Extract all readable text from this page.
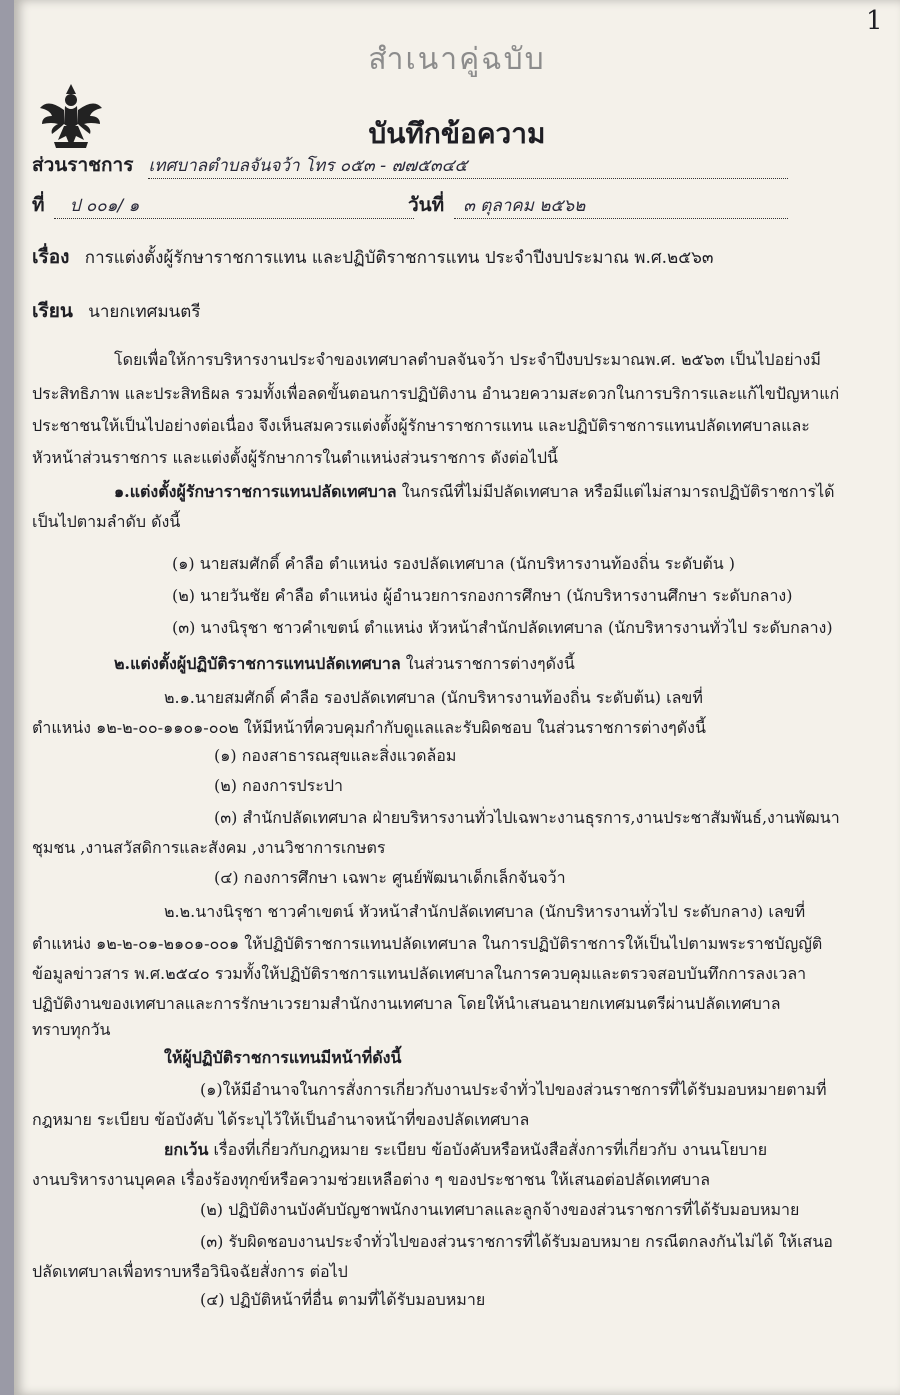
1
สำเนาคู่ฉบับ
บันทึกข้อความ
ส่วนราชการ เทศบาลตำบลจันจว้า โทร ๐๕๓ - ๗๗๕๓๔๕
ที่ ป ๐๐๑/ ๑	วันที่ ๓ ตุลาคม ๒๕๖๒
เรื่อง การแต่งตั้งผู้รักษาราชการแทน และปฏิบัติราชการแทน ประจำปีงบประมาณ พ.ศ.๒๕๖๓
เรียน นายกเทศมนตรี
โดยเพื่อให้การบริหารงานประจำของเทศบาลตำบลจันจว้า ประจำปีงบประมาณพ.ศ. ๒๕๖๓ เป็นไปอย่างมี
ประสิทธิภาพ และประสิทธิผล รวมทั้งเพื่อลดขั้นตอนการปฏิบัติงาน อำนวยความสะดวกในการบริการและแก้ไขปัญหาแก่
ประชาชนให้เป็นไปอย่างต่อเนื่อง จึงเห็นสมควรแต่งตั้งผู้รักษาราชการแทน และปฏิบัติราชการแทนปลัดเทศบาลและ
หัวหน้าส่วนราชการ และแต่งตั้งผู้รักษาการในตำแหน่งส่วนราชการ ดังต่อไปนี้
๑.แต่งตั้งผู้รักษาราชการแทนปลัดเทศบาล ในกรณีที่ไม่มีปลัดเทศบาล หรือมีแต่ไม่สามารถปฏิบัติราชการได้
เป็นไปตามลำดับ ดังนี้
(๑) นายสมศักดิ์ คำลือ ตำแหน่ง รองปลัดเทศบาล (นักบริหารงานท้องถิ่น ระดับต้น )
(๒) นายวันชัย คำลือ ตำแหน่ง ผู้อำนวยการกองการศึกษา (นักบริหารงานศึกษา ระดับกลาง)
(๓) นางนิรุชา ชาวคำเขตน์ ตำแหน่ง หัวหน้าสำนักปลัดเทศบาล (นักบริหารงานทั่วไป ระดับกลาง)
๒.แต่งตั้งผู้ปฏิบัติราชการแทนปลัดเทศบาล ในส่วนราชการต่างๆดังนี้
๒.๑.นายสมศักดิ์ คำลือ รองปลัดเทศบาล (นักบริหารงานท้องถิ่น ระดับต้น) เลขที่
ตำแหน่ง ๑๒-๒-๐๐-๑๑๐๑-๐๐๒ ให้มีหน้าที่ควบคุมกำกับดูแลและรับผิดชอบ ในส่วนราชการต่างๆดังนี้
(๑) กองสาธารณสุขและสิ่งแวดล้อม
(๒) กองการประปา
(๓) สำนักปลัดเทศบาล ฝ่ายบริหารงานทั่วไปเฉพาะงานธุรการ,งานประชาสัมพันธ์,งานพัฒนา
ชุมชน ,งานสวัสดิการและสังคม ,งานวิชาการเกษตร
(๔) กองการศึกษา เฉพาะ ศูนย์พัฒนาเด็กเล็กจันจว้า
๒.๒.นางนิรุชา ชาวคำเขตน์ หัวหน้าสำนักปลัดเทศบาล (นักบริหารงานทั่วไป ระดับกลาง) เลขที่
ตำแหน่ง ๑๒-๒-๐๑-๒๑๐๑-๐๐๑ ให้ปฏิบัติราชการแทนปลัดเทศบาล ในการปฏิบัติราชการให้เป็นไปตามพระราชบัญญัติ
ข้อมูลข่าวสาร พ.ศ.๒๕๔๐ รวมทั้งให้ปฏิบัติราชการแทนปลัดเทศบาลในการควบคุมและตรวจสอบบันทึกการลงเวลา
ปฏิบัติงานของเทศบาลและการรักษาเวรยามสำนักงานเทศบาล โดยให้นำเสนอนายกเทศมนตรีผ่านปลัดเทศบาล
ทราบทุกวัน
ให้ผู้ปฏิบัติราชการแทนมีหน้าที่ดังนี้
(๑)ให้มีอำนาจในการสั่งการเกี่ยวกับงานประจำทั่วไปของส่วนราชการที่ได้รับมอบหมายตามที่
กฎหมาย ระเบียบ ข้อบังคับ ได้ระบุไว้ให้เป็นอำนาจหน้าที่ของปลัดเทศบาล
ยกเว้น เรื่องที่เกี่ยวกับกฎหมาย ระเบียบ ข้อบังคับหรือหนังสือสั่งการที่เกี่ยวกับ งานนโยบาย
งานบริหารงานบุคคล เรื่องร้องทุกข์หรือความช่วยเหลือต่าง ๆ ของประชาชน ให้เสนอต่อปลัดเทศบาล
(๒) ปฏิบัติงานบังคับบัญชาพนักงานเทศบาลและลูกจ้างของส่วนราชการที่ได้รับมอบหมาย
(๓) รับผิดชอบงานประจำทั่วไปของส่วนราชการที่ได้รับมอบหมาย กรณีตกลงกันไม่ได้ ให้เสนอ
ปลัดเทศบาลเพื่อทราบหรือวินิจฉัยสั่งการ ต่อไป
(๔) ปฏิบัติหน้าที่อื่น ตามที่ได้รับมอบหมาย
